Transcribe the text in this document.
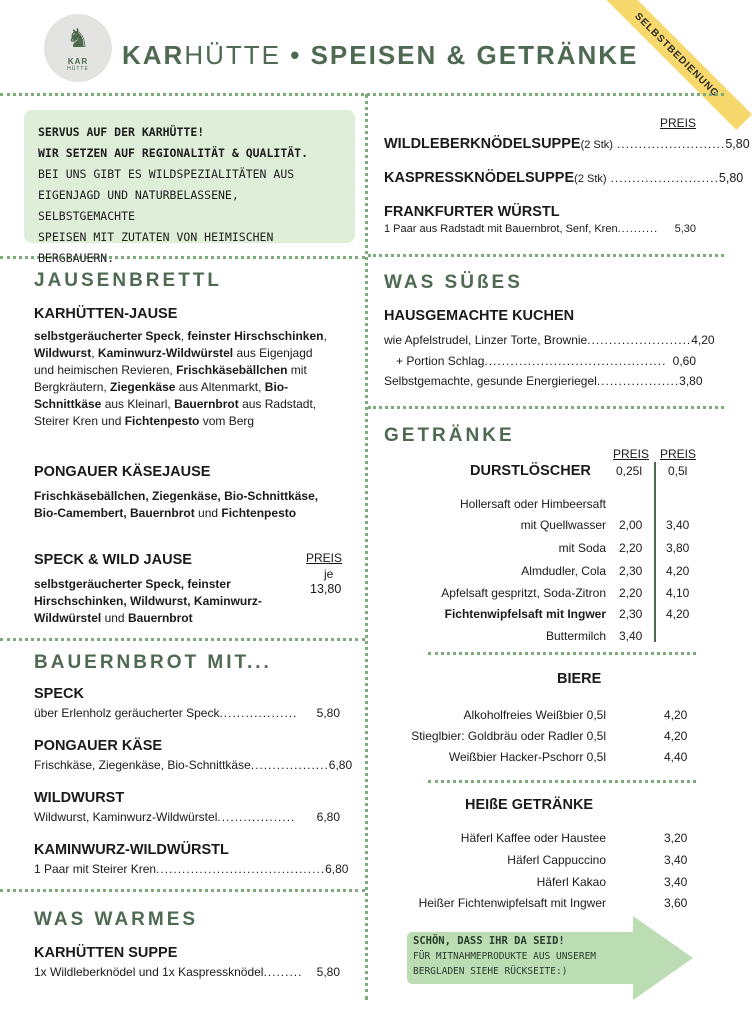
♞
KAR
HÜTTE KARHÜTTE • SPEISEN & GETRÄNKE
SELBSTBEDIENUNG
SERVUS AUF DER KARHÜTTE!
WIR SETZEN AUF REGIONALITÄT & QUALITÄT.
BEI UNS GIBT ES WILDSPEZIALITÄTEN AUS
EIGENJAGD UND NATURBELASSENE, SELBSTGEMACHTE
SPEISEN MIT ZUTATEN VON HEIMISCHEN BERGBAUERN.
PREIS
WILDLEBERKNÖDELSUPPE (2 Stk) ......................... 5,80
KASPRESSKNÖDELSUPPE (2 Stk) ......................... 5,80
FRANKFURTER WÜRSTL
1 Paar aus Radstadt mit Bauernbrot, Senf, Kren ..........	5,30
JAUSENBRETTL
KARHÜTTEN-JAUSE
selbstgeräucherter Speck, feinster Hirschschinken, Wildwurst, Kaminwurz-Wildwürstel aus Eigenjagd und heimischen Revieren, Frischkäsebällchen mit Bergkräutern, Ziegenkäse aus Altenmarkt, Bio-Schnittkäse aus Kleinarl, Bauernbrot aus Radstadt, Steirer Kren und Fichtenpesto vom Berg
PONGAUER KÄSEJAUSE
Frischkäsebällchen, Ziegenkäse, Bio-Schnittkäse, Bio-Camembert, Bauernbrot und Fichtenpesto
SPECK & WILD JAUSE	PREIS
je
13,80
selbstgeräucherter Speck, feinster Hirschschinken, Wildwurst, Kaminwurz-Wildwürstel und Bauernbrot
BAUERNBROT MIT...
SPECK
über Erlenholz geräucherter Speck ..................	5,80
PONGAUER KÄSE
Frischkäse, Ziegenkäse, Bio-Schnittkäse .................. 6,80
WILDWURST
Wildwurst, Kaminwurz-Wildwürstel ..................	6,80
KAMINWURZ-WILDWÜRSTL
1 Paar mit Steirer Kren ....................................... 6,80
WAS WARMES
KARHÜTTEN SUPPE
1x Wildleberknödel und 1x Kaspressknödel .........	5,80
WAS SÜßES
HAUSGEMACHTE KUCHEN
wie Apfelstrudel, Linzer Torte, Brownie ........................ 4,20
+ Portion Schlag .......................................... 0,60
Selbstgemachte, gesunde Energieriegel ................... 3,80
GETRÄNKE
PREIS PREIS
DURSTLÖSCHER 0,25l 0,5l
Hollersaft oder Himbeersaft
mit Quellwasser 2,00 3,40
mit Soda 2,20 3,80
Almdudler, Cola 2,30 4,20
Apfelsaft gespritzt, Soda-Zitron 2,20 4,10
Fichtenwipfelsaft mit Ingwer 2,30 4,20
Buttermilch 3,40
BIERE
Alkoholfreies Weißbier 0,5l	4,20
Stieglbier: Goldbräu oder Radler 0,5l	4,20
Weißbier Hacker-Pschorr 0,5l	4,40
HEIßE GETRÄNKE
Häferl Kaffee oder Haustee	3,20
Häferl Cappuccino	3,40
Häferl Kakao	3,40
Heißer Fichtenwipfelsaft mit Ingwer	3,60
SCHÖN, DASS IHR DA SEID!
FÜR MITNAHMEPRODUKTE AUS UNSEREM
BERGLADEN SIEHE RÜCKSEITE:)
